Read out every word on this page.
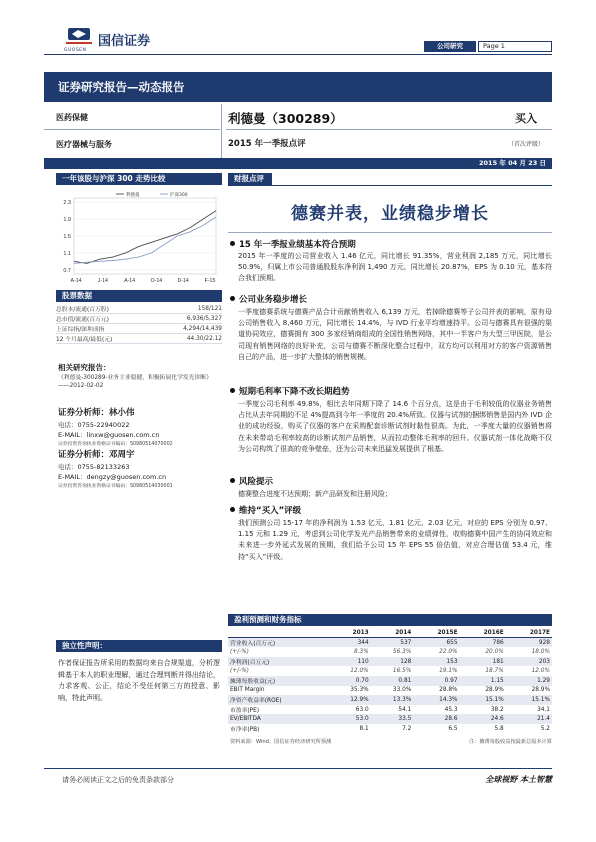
国信证券
GUOSEN
公司研究	Page 1
证券研究报告—动态报告
医药保健
医疗器械与服务
利德曼（300289）	买入
2015 年一季报点评	（首次评级）
2015 年 04 月 23 日
一年该股与沪深 300 走势比较
2.3
1.9
1.5
1.1
0.7
A-14	J-14	A-14	O-14	D-14	F-15
利德曼	沪深300
股票数据
总股本/流通(百万股)	158/121
总市值/流通(百万元)	6,936/5,327
上证综指/深圳成指	4,294/14,439
12 个月最高/最低(元)	44.30/22.12
相关研究报告：
《利德曼-300289-业务主业稳健，积极拓展化学发光诊断》 ——2012-02-02
证券分析师：林小伟
电话：0755-22940022
E-MAIL：linxw@guosen.com.cn
证券投资咨询执业资格证书编码：S0980514070002
证券分析师：邓周宇
电话：0755-82133263
E-MAIL：dengzy@guosen.com.cn
证券投资咨询执业资格证书编码：S0980514030001
独立性声明：
作者保证报告所采用的数据均来自合规渠道，分析逻辑基于本人的职业理解，通过合理判断并得出结论，力求客观、公正，结论不受任何第三方的授意、影响，特此声明。
财报点评
德赛并表，业绩稳步增长
15 年一季报业绩基本符合预期
2015 年一季度的公司营业收入 1.46 亿元，同比增长 91.35%，营业利润 2,185 万元，同比增长 50.9%，归属上市公司普通股股东净利润 1,490 万元，同比增长 20.87%，EPS 为 0.10 元，基本符合我们预期。
公司业务稳步增长
一季度德赛系统与德赛产品合计贡献销售收入 6,139 万元，若掉除德赛等子公司并表的影响，原有母公司销售收入 8,460 万元，同比增长 14.4%，与 IVD 行业平均增速持平。公司与德赛具有很强的渠道协同效应，德赛拥有 300 多家经销商组成的全国性销售网络，其中一半客户为大型三甲医院，是公司现有销售网络的良好补充，公司与德赛不断深化整合过程中，双方均可以利用对方的客户资源销售自己的产品，进一步扩大整体的销售规模。
短期毛利率下降不改长期趋势
一季度公司毛利率 49.8%，相比去年同期下降了 14.6 个百分点，这是由于毛利较低的仪器业务销售占比从去年同期的不足 4%提高到今年一季度的 20.4%所致。仪器与试剂的捆绑销售是国内外 IVD 企业的成功经验，购买了仪器的客户在采购配套诊断试剂时黏性很高。为此，一季度大量的仪器销售将在未来带动毛利率较高的诊断试剂产品销售，从而拉动整体毛利率的回升。仪器试剂一体化战略不仅为公司构筑了很高的竞争壁垒，还为公司未来迅猛发展提供了根基。
风险提示
德赛整合进度不达预期；新产品研发和注册风险；
维持“买入”评级
我们预测公司 15-17 年的净利润为 1.53 亿元、1.81 亿元、2.03 亿元，对应的 EPS 分别为 0.97、1.15 元和 1.29 元，考虑到公司化学发光产品销售带来的业绩弹性，收购德赛中国产生的协同效应和未来进一步外延式发展的预期，我们给予公司 15 年 EPS 55 倍估值，对应合理估值 53.4 元，维持“买入”评级。
盈利预测和财务指标
	2013	2014	2015E	2016E	2017E
营业收入(百万元)	344	537	655	786	928
(+/-%)	8.3%	56.3%	22.0%	20.0%	18.0%
净利润(百万元)	110	128	153	181	203
(+/-%)	12.0%	16.5%	19.1%	18.7%	12.0%
摊薄每股收益(元)	0.70	0.81	0.97	1.15	1.29
EBIT Margin	35.3%	33.0%	28.8%	28.9%	28.9%
净资产收益率(ROE)	12.9%	13.3%	14.3%	15.1%	15.1%
市盈率(PE)	63.0	54.1	45.3	38.2	34.1
EV/EBITDA	53.0	33.5	28.6	24.6	21.4
市净率(PB)	8.1	7.2	6.5	5.8	5.2
资料来源：Wind、国信证券经济研究所预测	注：摊薄每股收益按最新总股本计算
请务必阅读正文之后的免责条款部分	全球视野 本土智慧
